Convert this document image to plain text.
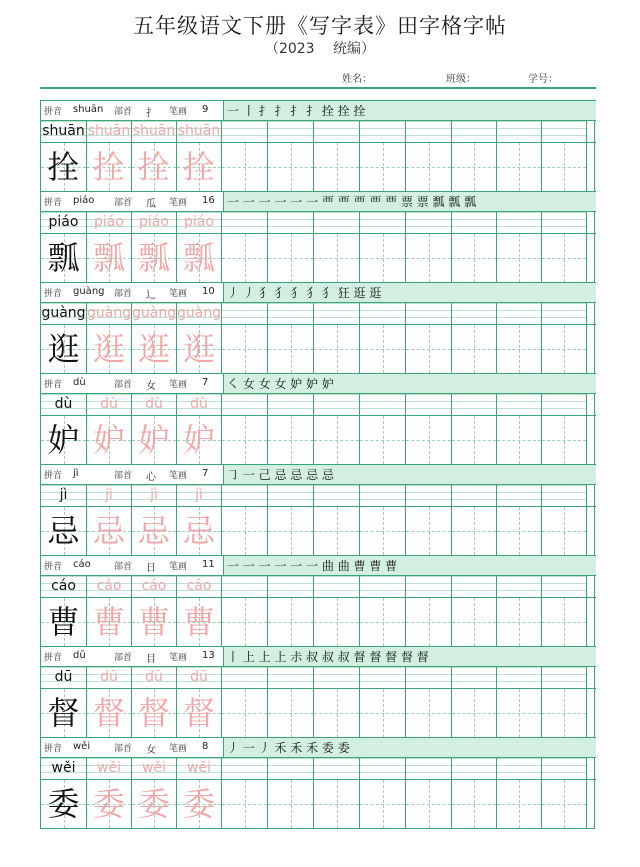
五年级语文下册《写字表》田字格字帖
（2023　 统编）
姓名：	班级：	学号：
拼音 shuān 部首 扌 笔画 9 一 丨 扌 扌 扌 扌 拴 拴 拴
shuān shuān shuān shuān
拴 拴 拴 拴
拼音 piáo 部首 瓜 笔画 16 一 一 一 一 一 一 覀 覀 覀 覀 覀 票 票 瓢 瓢 瓢
piáo	piáo	piáo	piáo
瓢 瓢 瓢 瓢
拼音 guàng 部首 辶 笔画 10 丿 丿 犭 犭 犭 犭 犭 狂 逛 逛
guàng guàng guàng guàng
逛 逛 逛 逛
拼音 dù	部首 女 笔画 7 ㇛ 女 女 女 妒 妒 妒
dù	dù	dù	dù
妒 妒 妒 妒
拼音 jì	部首 心 笔画 7 ㇆ 一 己 忌 忌 忌 忌
jì	jì	jì	jì
忌 忌 忌 忌
拼音 cáo	部首 日 笔画 11 一 一 一 一 一 一 曲 曲 曹 曹 曹
cáo	cáo	cáo	cáo
曹 曹 曹 曹
拼音 dū	部首 目 笔画 13 丨 上 上 上 尗 叔 叔 叔 督 督 督 督 督
dū	dū	dū	dū
督 督 督 督
拼音 wěi	部首 女 笔画 8 丿 一 丿 禾 禾 禾 委 委
wěi	wěi	wěi	wěi
委 委 委 委
